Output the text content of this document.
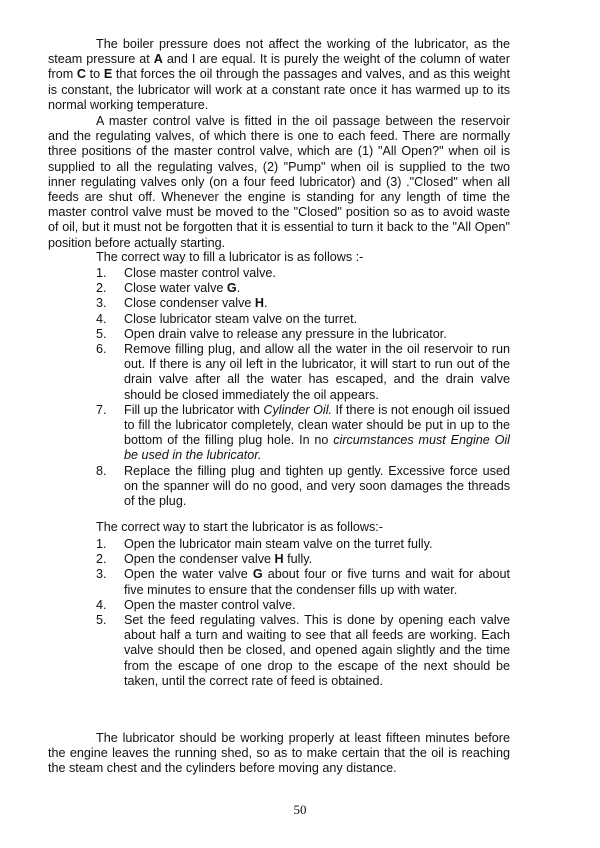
The boiler pressure does not affect the working of the lubricator, as the steam pressure at A and I are equal. It is purely the weight of the column of water from C to E that forces the oil through the passages and valves, and as this weight is constant, the lubricator will work at a constant rate once it has warmed up to its normal working temperature.

A master control valve is fitted in the oil passage between the reservoir and the regulating valves, of which there is one to each feed. There are normally three positions of the master control valve, which are (1) "All Open?" when oil is supplied to all the regulating valves, (2) "Pump" when oil is supplied to the two inner regulating valves only (on a four feed lubricator) and (3) ."Closed" when all feeds are shut off. Whenever the engine is standing for any length of time the master control valve must be moved to the "Closed" position so as to avoid waste of oil, but it must not be forgotten that it is essential to turn it back to the "All Open" position before actually starting.

The correct way to fill a lubricator is as follows :-

1.	Close master control valve.
2.	Close water valve G.
3.	Close condenser valve H.
4.	Close lubricator steam valve on the turret.
5.	Open drain valve to release any pressure in the lubricator.
6.	Remove filling plug, and allow all the water in the oil reservoir to run out. If there is any oil left in the lubricator, it will start to run out of the drain valve after all the water has escaped, and the drain valve should be closed immediately the oil appears.
7.	Fill up the lubricator with Cylinder Oil. If there is not enough oil issued to fill the lubricator completely, clean water should be put in up to the bottom of the filling plug hole. In no circumstances must Engine Oil be used in the lubricator.
8.	Replace the filling plug and tighten up gently. Excessive force used on the spanner will do no good, and very soon damages the threads of the plug.

The correct way to start the lubricator is as follows:-

1.	Open the lubricator main steam valve on the turret fully.
2.	Open the condenser valve H fully.
3.	Open the water valve G about four or five turns and wait for about five minutes to ensure that the condenser fills up with water.
4.	Open the master control valve.
5.	Set the feed regulating valves. This is done by opening each valve about half a turn and waiting to see that all feeds are working. Each valve should then be closed, and opened again slightly and the time from the escape of one drop to the escape of the next should be taken, until the correct rate of feed is obtained.

The lubricator should be working properly at least fifteen minutes before the engine leaves the running shed, so as to make certain that the oil is reaching the steam chest and the cylinders before moving any distance.

50
